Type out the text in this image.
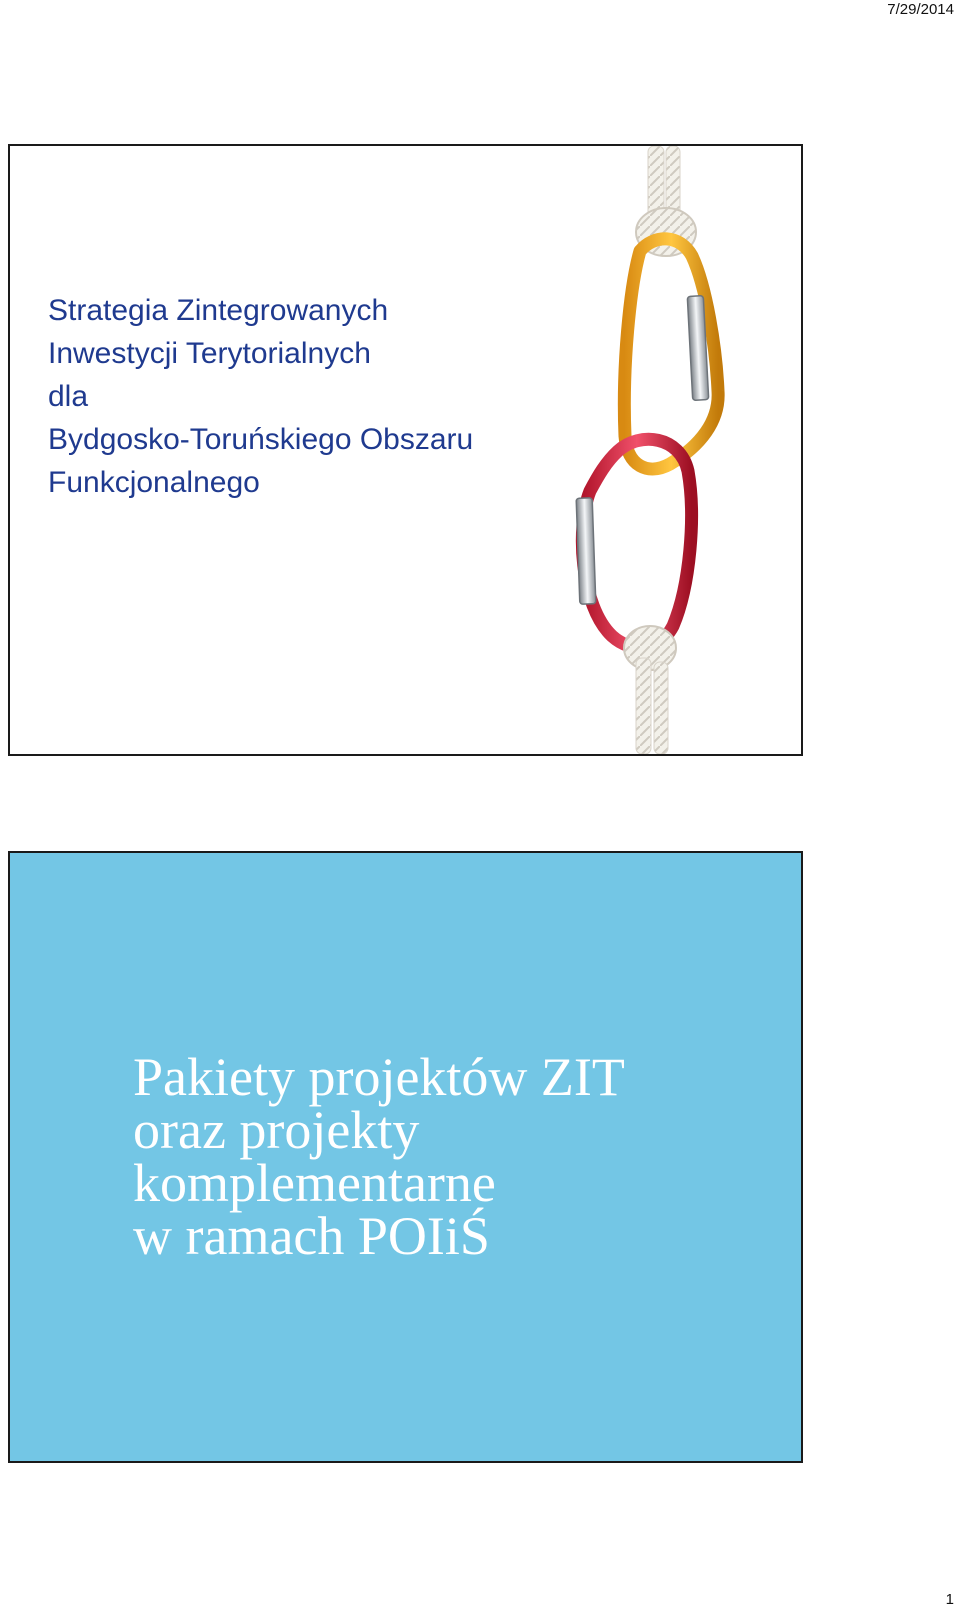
7/29/2014
Strategia Zintegrowanych
Inwestycji Terytorialnych
dla
Bydgosko-Toruńskiego Obszaru
Funkcjonalnego
Pakiety projektów ZIT
oraz projekty
komplementarne
w ramach POIiŚ
1
